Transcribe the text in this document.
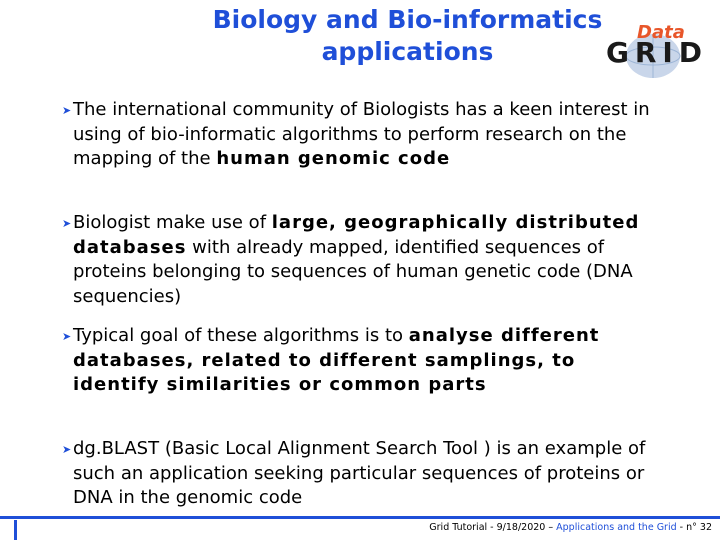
Biology and Bio-informatics applications
Data
GRID

➤ The international community of Biologists has a keen interest in using of bio-informatic algorithms to perform research on the mapping of the human genomic code

➤ Biologist make use of large, geographically distributed databases with already mapped, identified sequences of proteins belonging to sequences of human genetic code (DNA sequencies)

➤ Typical goal of these algorithms is to analyse different databases, related to different samplings, to identify similarities or common parts

➤ dg.BLAST (Basic Local Alignment Search Tool ) is an example of such an application seeking particular sequences of proteins or DNA in the genomic code

Grid Tutorial - 9/18/2020 – Applications and the Grid - n° 32
